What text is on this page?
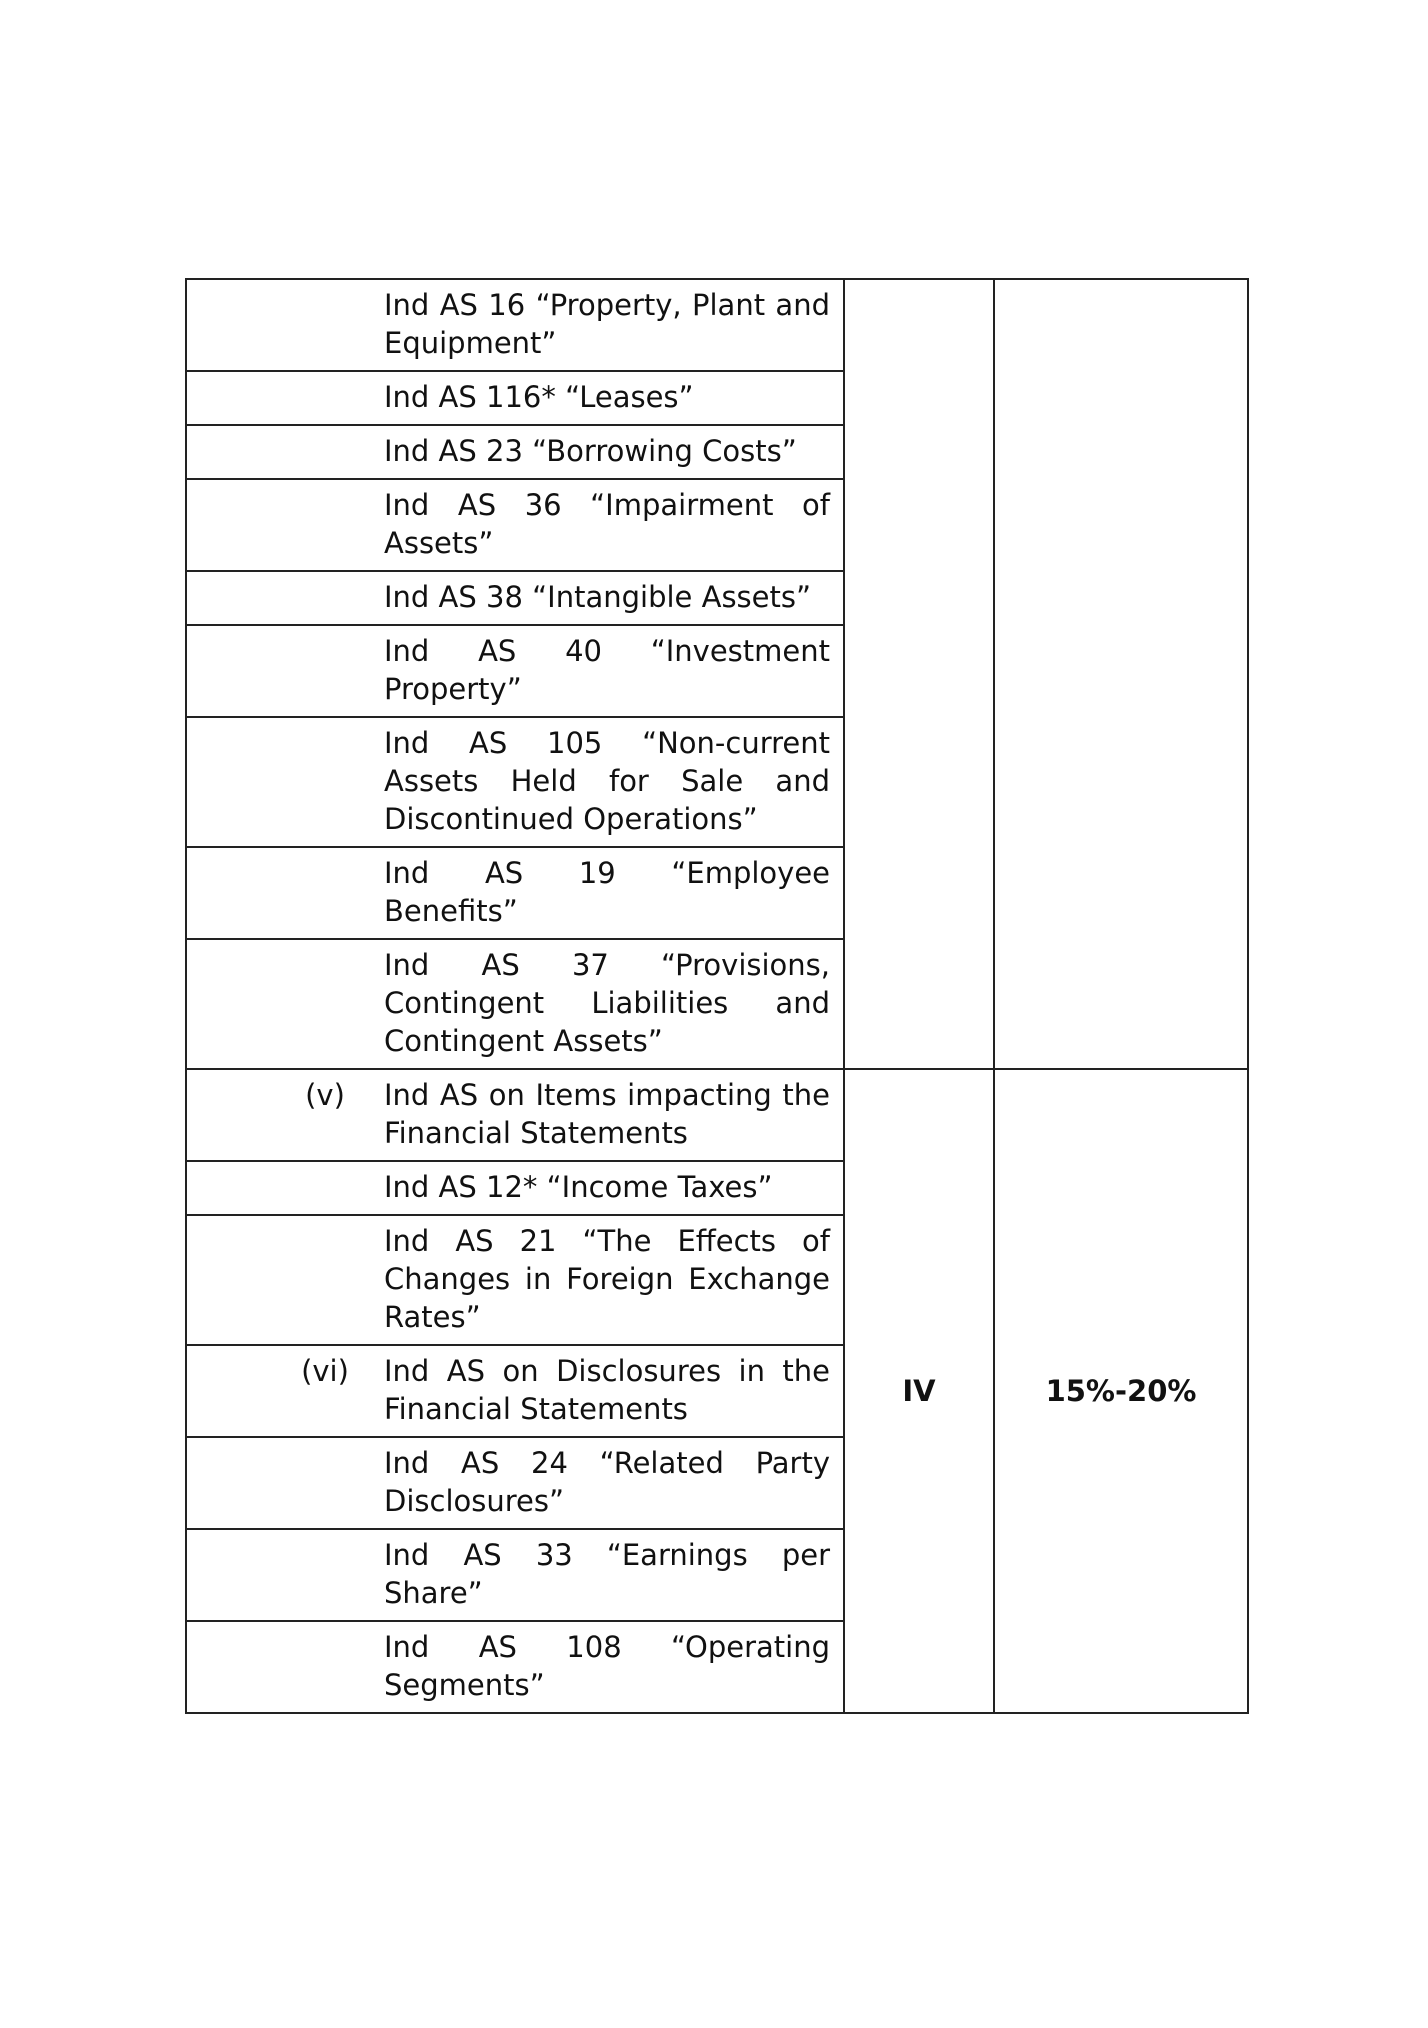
	Ind AS 16 “Property, Plant and Equipment”		
	Ind AS 116* “Leases”		
	Ind AS 23 “Borrowing Costs”		
	Ind AS 36 “Impairment of Assets”		
	Ind AS 38 “Intangible Assets”		
	Ind AS 40 “Investment Property”		
	Ind AS 105 “Non-current Assets Held for Sale and Discontinued Operations”		
	Ind AS 19 “Employee Benefits”		
	Ind AS 37 “Provisions, Contingent Liabilities and Contingent Assets”		
(v)	Ind AS on Items impacting the Financial Statements	IV	15%-20%
	Ind AS 12* “Income Taxes”		
	Ind AS 21 “The Effects of Changes in Foreign Exchange Rates”		
(vi)	Ind AS on Disclosures in the Financial Statements		
	Ind AS 24 “Related Party Disclosures”		
	Ind AS 33 “Earnings per Share”		
	Ind AS 108 “Operating Segments”		
